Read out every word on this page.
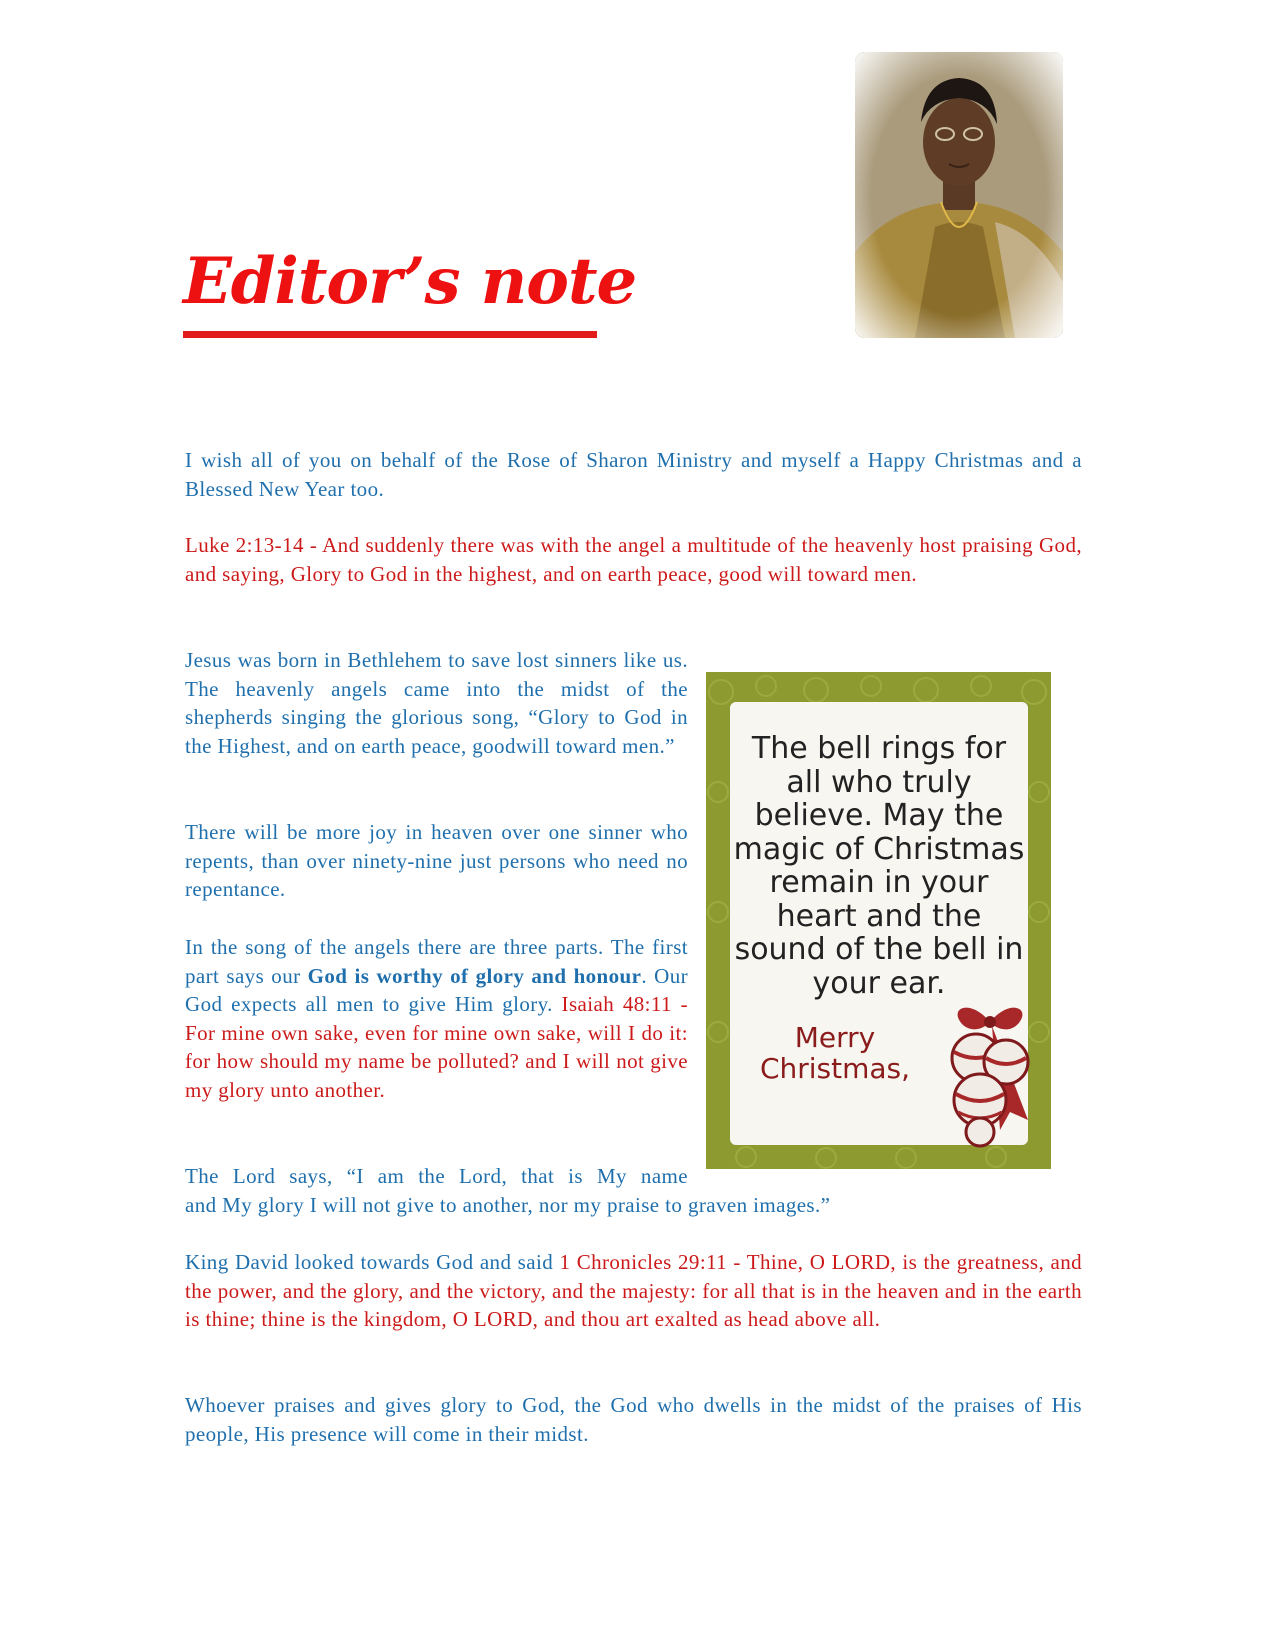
Editor’s note

I wish all of you on behalf of the Rose of Sharon Ministry and myself a Happy Christmas and a Blessed New Year too.

Luke 2:13-14 - And suddenly there was with the angel a multitude of the heavenly host praising God, and saying, Glory to God in the highest, and on earth peace, good will toward men.

Jesus was born in Bethlehem to save lost sinners like us. The heavenly angels came into the midst of the shepherds singing the glorious song, “Glory to God in the Highest, and on earth peace, goodwill toward men.”

There will be more joy in heaven over one sinner who repents, than over ninety-nine just persons who need no repentance.

In the song of the angels there are three parts. The first part says our God is worthy of glory and honour. Our God expects all men to give Him glory. Isaiah 48:11 - For mine own sake, even for mine own sake, will I do it: for how should my name be polluted? and I will not give my glory unto another.

The Lord says, “I am the Lord, that is My name

and My glory I will not give to another, nor my praise to graven images.”

King David looked towards God and said 1 Chronicles 29:11 - Thine, O LORD, is the greatness, and the power, and the glory, and the victory, and the majesty: for all that is in the heaven and in the earth is thine; thine is the kingdom, O LORD, and thou art exalted as head above all.

Whoever praises and gives glory to God, the God who dwells in the midst of the praises of His people, His presence will come in their midst.

The bell rings for all who truly believe. May the magic of Christmas remain in your heart and the sound of the bell in your ear.

Merry Christmas,
